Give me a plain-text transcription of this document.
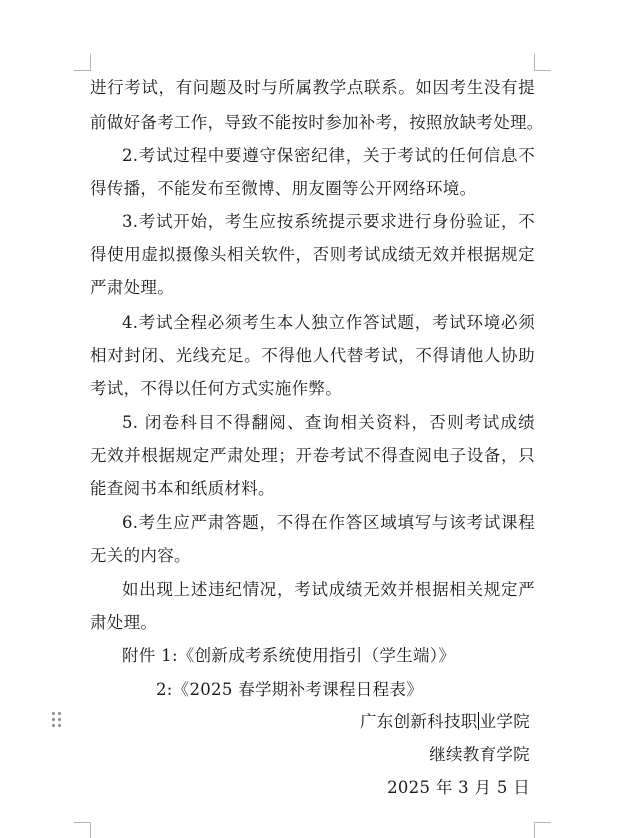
进行考试，有问题及时与所属教学点联系。如因考生没有提
前做好备考工作，导致不能按时参加补考，按照放缺考处理。
2.考试过程中要遵守保密纪律，关于考试的任何信息不
得传播，不能发布至微博、朋友圈等公开网络环境。
3.考试开始，考生应按系统提示要求进行身份验证，不
得使用虚拟摄像头相关软件，否则考试成绩无效并根据规定
严肃处理。
4.考试全程必须考生本人独立作答试题，考试环境必须
相对封闭、光线充足。不得他人代替考试，不得请他人协助
考试，不得以任何方式实施作弊。
5. 闭卷科目不得翻阅、查询相关资料，否则考试成绩
无效并根据规定严肃处理；开卷考试不得查阅电子设备，只
能查阅书本和纸质材料。
6.考生应严肃答题，不得在作答区域填写与该考试课程
无关的内容。
如出现上述违纪情况，考试成绩无效并根据相关规定严
肃处理。
附件 1:《创新成考系统使用指引（学生端）》
2:《2025 春学期补考课程日程表》
广东创新科技职 业学院
继续教育学院
2025 年 3 月 5 日
